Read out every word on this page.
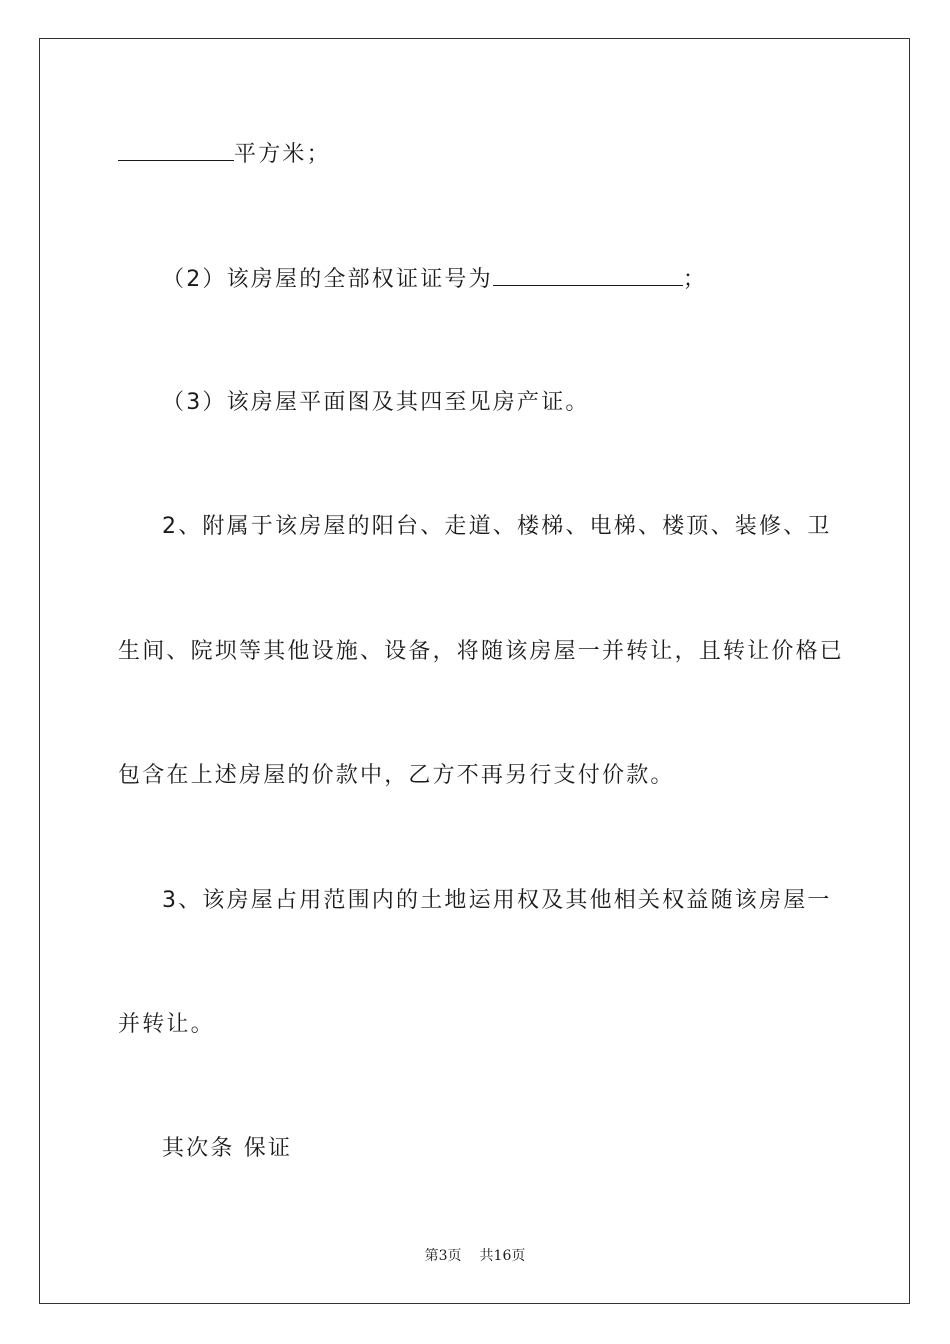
平方米；
（2）该房屋的全部权证证号为	；
（3）该房屋平面图及其四至见房产证。
2、附属于该房屋的阳台、走道、楼梯、电梯、楼顶、装修、卫
生间、院坝等其他设施、设备，将随该房屋一并转让，且转让价格已
包含在上述房屋的价款中，乙方不再另行支付价款。
3、该房屋占用范围内的土地运用权及其他相关权益随该房屋一
并转让。
其次条 保证
第3页 共16页
